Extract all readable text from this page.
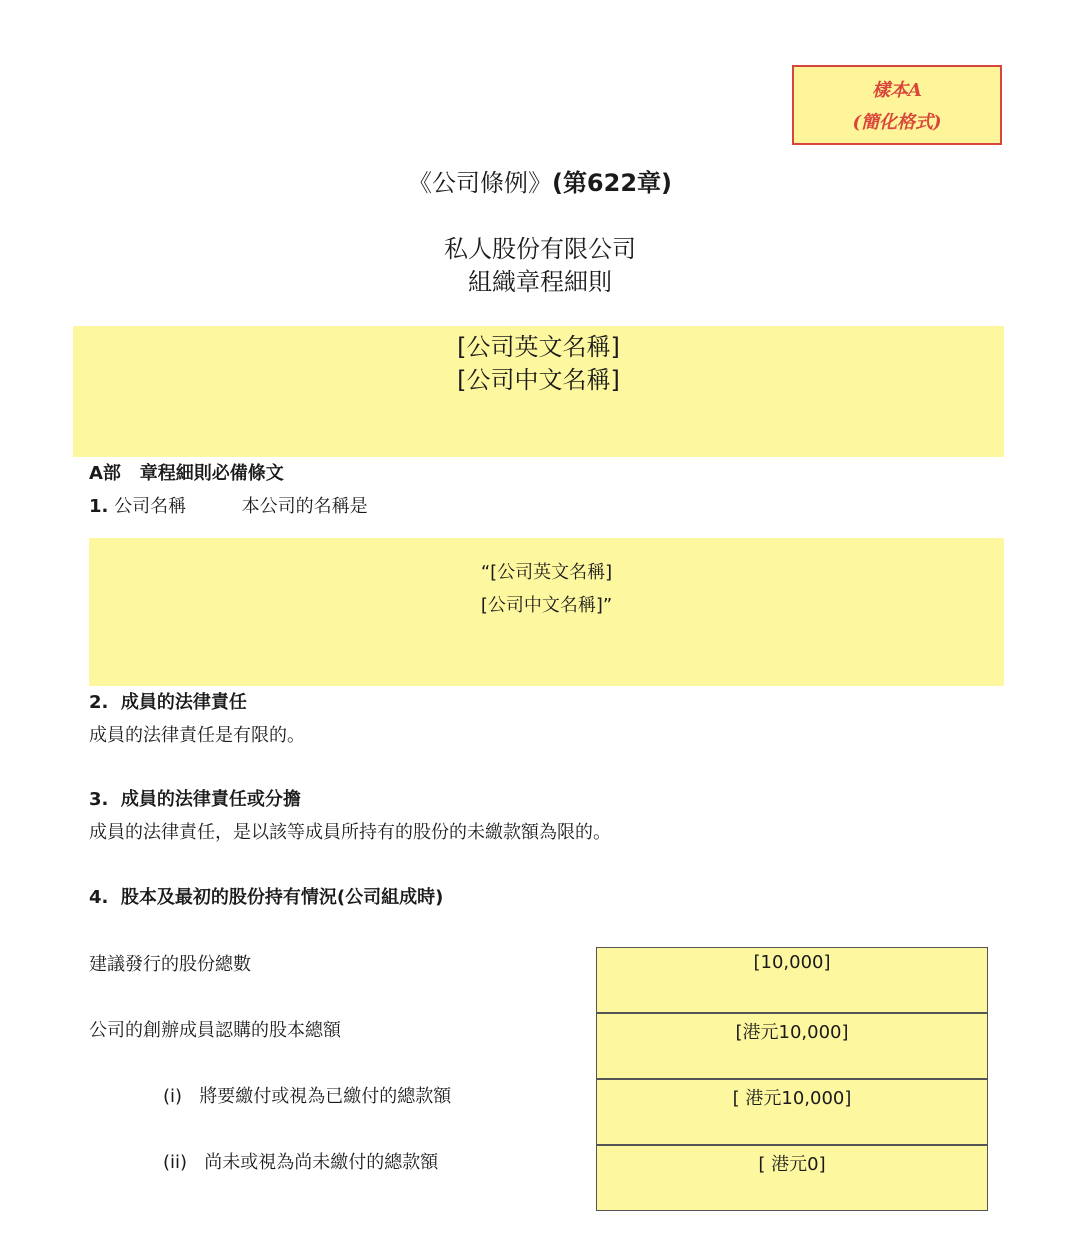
樣本A
(簡化格式)
《公司條例》(第622章)
私人股份有限公司
組織章程細則
[公司英文名稱]
[公司中文名稱]
A部 章程細則必備條文
1. 公司名稱	本公司的名稱是
“[公司英文名稱]
[公司中文名稱]”
2. 成員的法律責任
成員的法律責任是有限的。
3. 成員的法律責任或分擔
成員的法律責任，是以該等成員所持有的股份的未繳款額為限的。
4. 股本及最初的股份持有情況(公司組成時)
建議發行的股份總數	[10,000]
公司的創辦成員認購的股本總額	[港元10,000]
(i) 將要繳付或視為已繳付的總款額	[ 港元10,000]
(ii) 尚未或視為尚未繳付的總款額	[ 港元0]
